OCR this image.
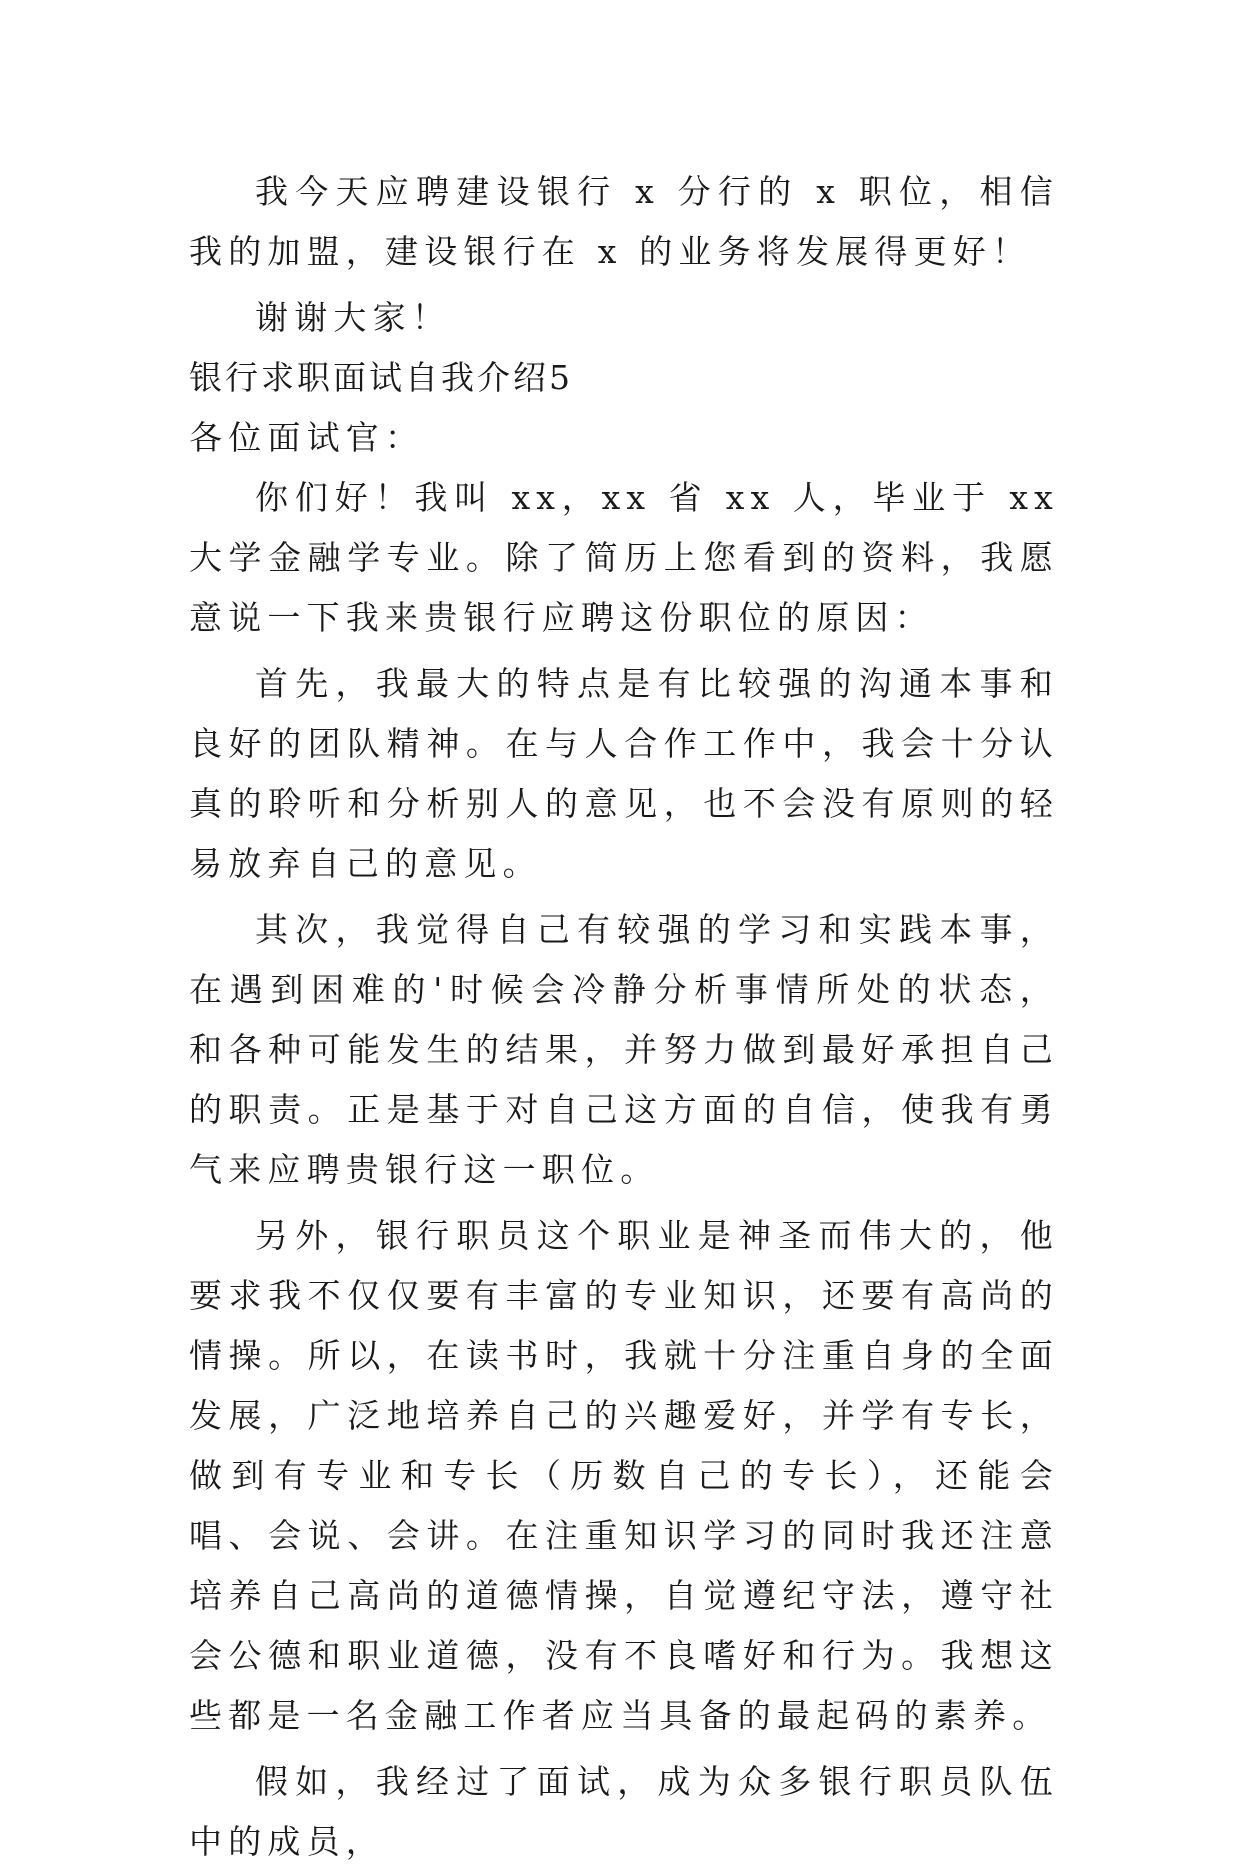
我今天应聘建设银行 x 分行的 x 职位，相信我的加盟，建设银行在 x 的业务将发展得更好！

谢谢大家！

银行求职面试自我介绍5

各位面试官：

你们好！我叫 xx，xx 省 xx 人，毕业于 xx 大学金融学专业。除了简历上您看到的资料，我愿意说一下我来贵银行应聘这份职位的原因：

首先，我最大的特点是有比较强的沟通本事和良好的团队精神。在与人合作工作中，我会十分认真的聆听和分析别人的意见，也不会没有原则的轻易放弃自己的意见。

其次，我觉得自己有较强的学习和实践本事，在遇到困难的'时候会冷静分析事情所处的状态，和各种可能发生的结果，并努力做到最好承担自己的职责。正是基于对自己这方面的自信，使我有勇气来应聘贵银行这一职位。

另外，银行职员这个职业是神圣而伟大的，他要求我不仅仅要有丰富的专业知识，还要有高尚的情操。所以，在读书时，我就十分注重自身的全面发展，广泛地培养自己的兴趣爱好，并学有专长，做到有专业和专长（历数自己的专长），还能会唱、会说、会讲。在注重知识学习的同时我还注意培养自己高尚的道德情操，自觉遵纪守法，遵守社会公德和职业道德，没有不良嗜好和行为。我想这些都是一名金融工作者应当具备的最起码的素养。

假如，我经过了面试，成为众多银行职员队伍中的成员，
